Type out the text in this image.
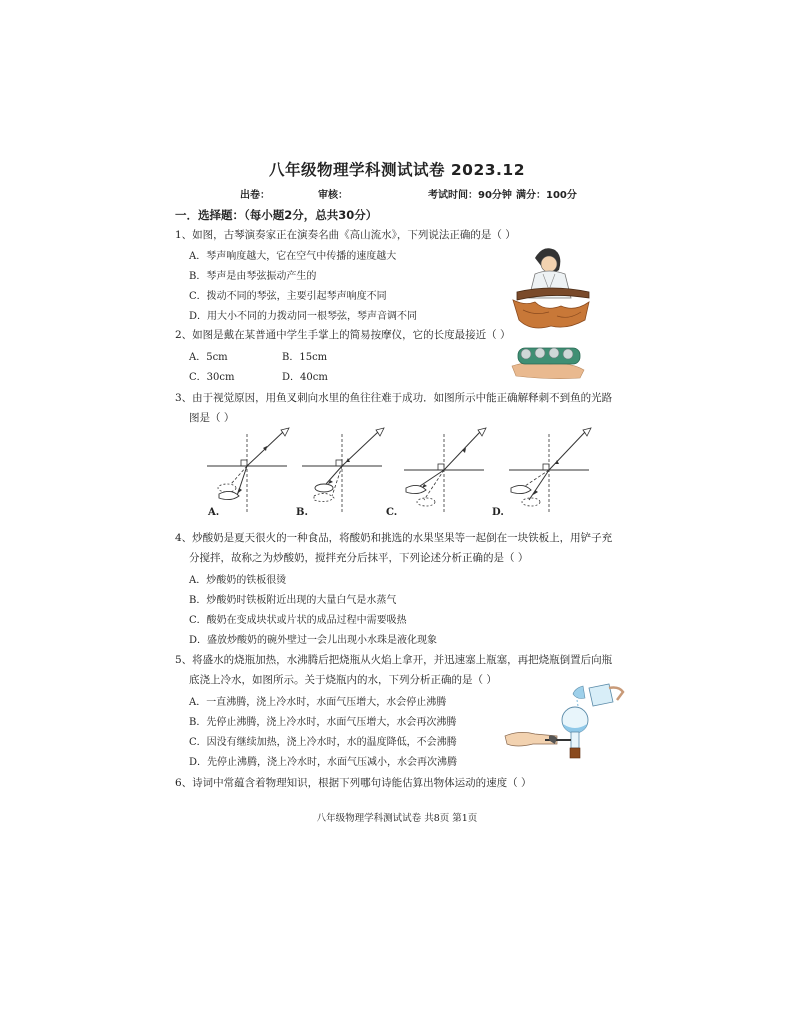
八年级物理学科测试试卷 2023.12
出卷：	审核：	考试时间：90分钟 满分：100分
一．选择题：（每小题2分，总共30分）
1、如图，古琴演奏家正在演奏名曲《高山流水》，下列说法正确的是（ ）
A．琴声响度越大，它在空气中传播的速度越大
B．琴声是由琴弦振动产生的
C．拨动不同的琴弦，主要引起琴声响度不同
D．用大小不同的力拨动同一根琴弦，琴声音调不同
2、如图是戴在某普通中学生手掌上的简易按摩仪，它的长度最接近（ ）
A．5cm	B．15cm
C．30cm	D．40cm
3、由于视觉原因，用鱼叉刺向水里的鱼往往难于成功．如图所示中能正确解释刺不到鱼的光路
图是（ ）
A.	B.	C.	D.
4、炒酸奶是夏天很火的一种食品，将酸奶和挑选的水果坚果等一起倒在一块铁板上，用铲子充
分搅拌，故称之为炒酸奶，搅拌充分后抹平，下列论述分析正确的是（ ）
A．炒酸奶的铁板很烫
B．炒酸奶时铁板附近出现的大量白气是水蒸气
C．酸奶在变成块状或片状的成品过程中需要吸热
D．盛放炒酸奶的碗外壁过一会儿出现小水珠是液化现象
5、将盛水的烧瓶加热，水沸腾后把烧瓶从火焰上拿开，并迅速塞上瓶塞，再把烧瓶倒置后向瓶
底浇上冷水，如图所示。关于烧瓶内的水，下列分析正确的是（ ）
A．一直沸腾，浇上冷水时，水面气压增大，水会停止沸腾
B．先停止沸腾，浇上冷水时，水面气压增大，水会再次沸腾
C．因没有继续加热，浇上冷水时，水的温度降低，不会沸腾
D．先停止沸腾，浇上冷水时，水面气压减小，水会再次沸腾
6、诗词中常蕴含着物理知识，根据下列哪句诗能估算出物体运动的速度（ ）
八年级物理学科测试试卷 共8页 第1页
